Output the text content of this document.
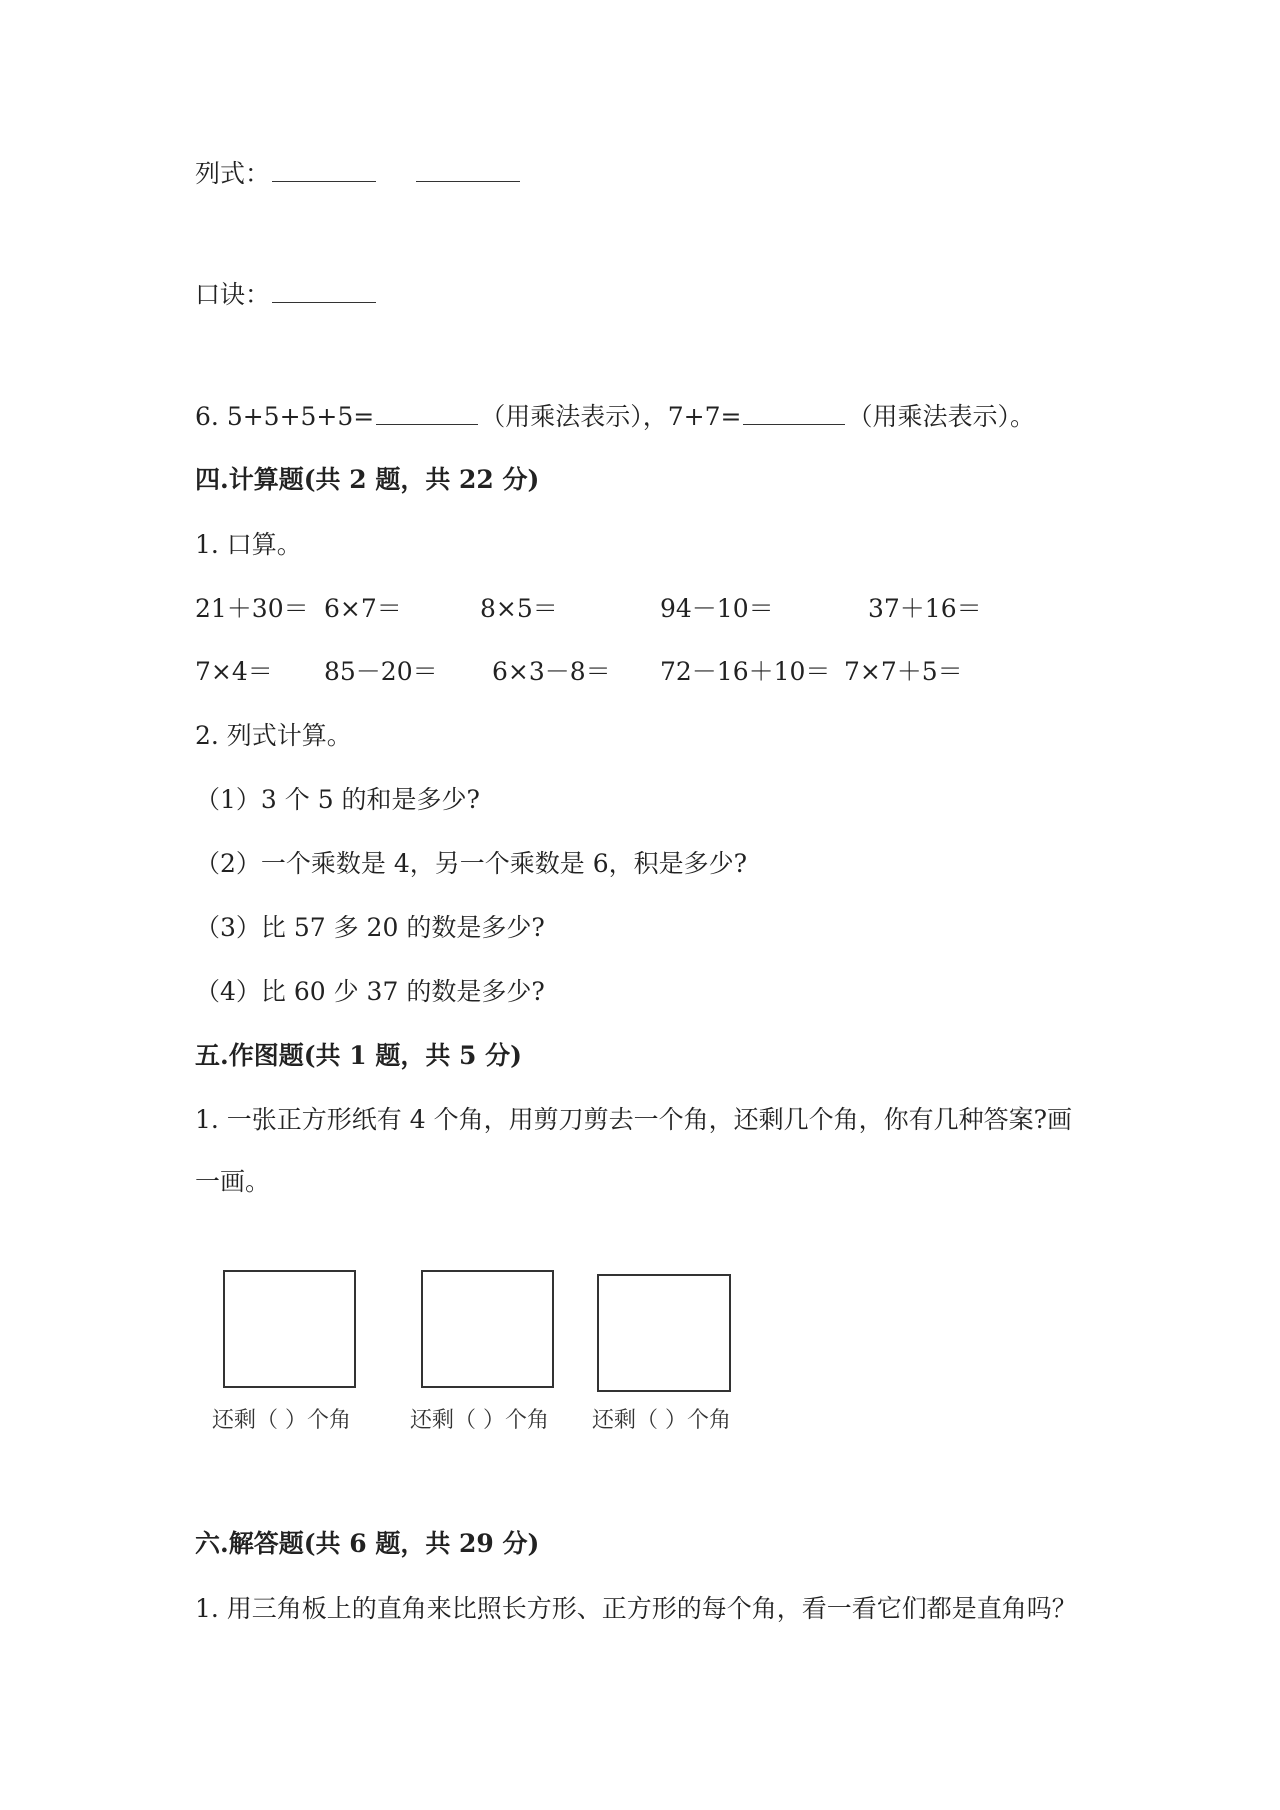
列式：
口诀：
6. 5+5+5+5=	（用乘法表示），7+7=	（用乘法表示）。
四.计算题(共 2 题，共 22 分)
1. 口算。
21＋30＝ 6×7＝	8×5＝	94－10＝	37＋16＝
7×4＝ 85－20＝ 6×3－8＝ 72－16＋10＝ 7×7＋5＝
2. 列式计算。
（1）3 个 5 的和是多少?
（2）一个乘数是 4，另一个乘数是 6，积是多少?
（3）比 57 多 20 的数是多少?
（4）比 60 少 37 的数是多少?
五.作图题(共 1 题，共 5 分)
1. 一张正方形纸有 4 个角，用剪刀剪去一个角，还剩几个角，你有几种答案?画
一画。
还剩（ ）个角	还剩（ ）个角 还剩（ ）个角
六.解答题(共 6 题，共 29 分)
1. 用三角板上的直角来比照长方形、正方形的每个角，看一看它们都是直角吗？
